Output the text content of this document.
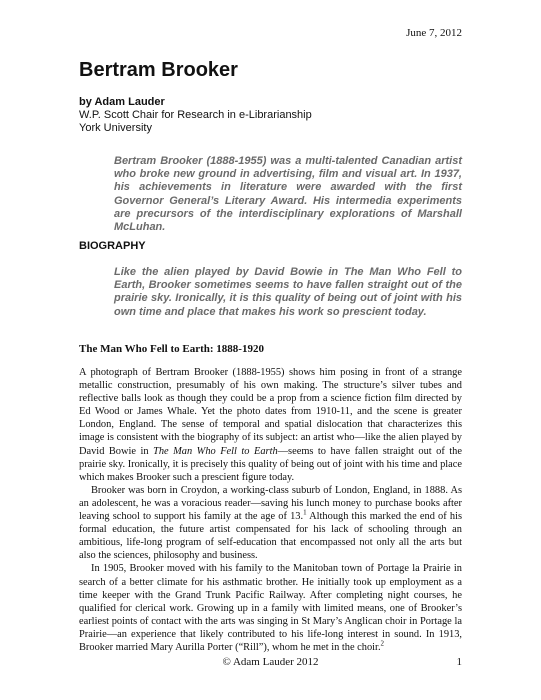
June 7, 2012
Bertram Brooker
by Adam Lauder
W.P. Scott Chair for Research in e-Librarianship
York University

Bertram Brooker (1888-1955) was a multi-talented Canadian artist who broke new ground in advertising, film and visual art. In 1937, his achievements in literature were awarded with the first Governor General’s Literary Award. His intermedia experiments are precursors of the interdisciplinary explorations of Marshall McLuhan.

BIOGRAPHY

Like the alien played by David Bowie in The Man Who Fell to Earth, Brooker sometimes seems to have fallen straight out of the prairie sky. Ironically, it is this quality of being out of joint with his own time and place that makes his work so prescient today.

The Man Who Fell to Earth: 1888-1920

A photograph of Bertram Brooker (1888-1955) shows him posing in front of a strange metallic construction, presumably of his own making. The structure’s silver tubes and reflective balls look as though they could be a prop from a science fiction film directed by Ed Wood or James Whale. Yet the photo dates from 1910-11, and the scene is greater London, England. The sense of temporal and spatial dislocation that characterizes this image is consistent with the biography of its subject: an artist who—like the alien played by David Bowie in The Man Who Fell to Earth—seems to have fallen straight out of the prairie sky. Ironically, it is precisely this quality of being out of joint with his time and place which makes Brooker such a prescient figure today.

Brooker was born in Croydon, a working-class suburb of London, England, in 1888. As an adolescent, he was a voracious reader—saving his lunch money to purchase books after leaving school to support his family at the age of 13.$^1$ Although this marked the end of his formal education, the future artist compensated for his lack of schooling through an ambitious, life-long program of self-education that encompassed not only all the arts but also the sciences, philosophy and business.

In 1905, Brooker moved with his family to the Manitoban town of Portage la Prairie in search of a better climate for his asthmatic brother. He initially took up employment as a time keeper with the Grand Trunk Pacific Railway. After completing night courses, he qualified for clerical work. Growing up in a family with limited means, one of Brooker’s earliest points of contact with the arts was singing in St Mary’s Anglican choir in Portage la Prairie—an experience that likely contributed to his life-long interest in sound. In 1913, Brooker married Mary Aurilla Porter (“Rill”), whom he met in the choir.$^2$

© Adam Lauder 2012	1
